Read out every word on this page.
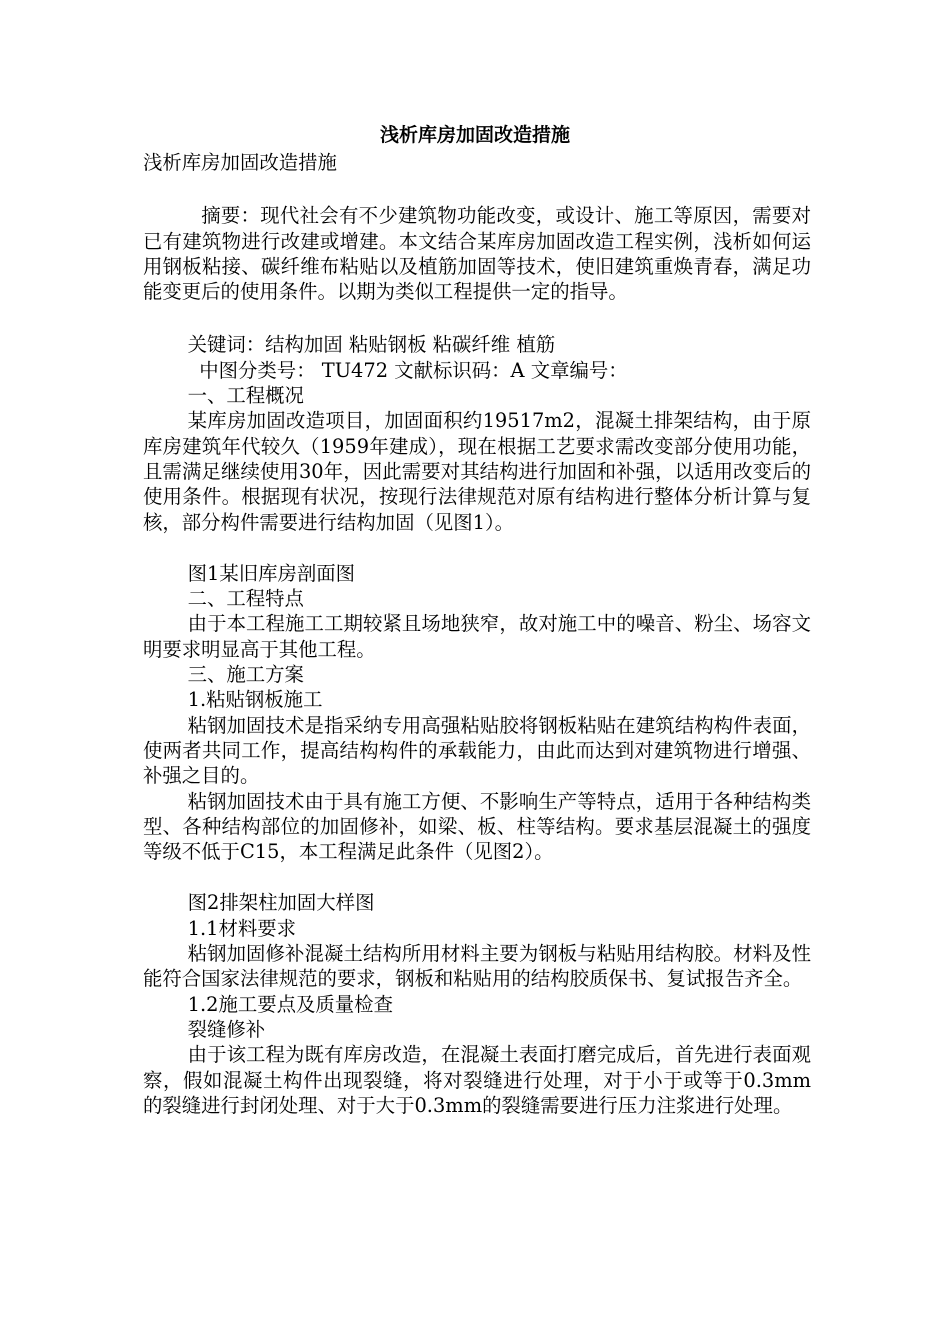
浅析库房加固改造措施

浅析库房加固改造措施

摘要：现代社会有不少建筑物功能改变，或设计、施工等原因，需要对已有建筑物进行改建或增建。本文结合某库房加固改造工程实例，浅析如何运用钢板粘接、碳纤维布粘贴以及植筋加固等技术，使旧建筑重焕青春，满足功能变更后的使用条件。以期为类似工程提供一定的指导。

关键词：结构加固 粘贴钢板 粘碳纤维 植筋

中图分类号： TU472 文献标识码：A 文章编号：

一、工程概况

某库房加固改造项目，加固面积约19517m2，混凝土排架结构，由于原库房建筑年代较久（1959年建成），现在根据工艺要求需改变部分使用功能，且需满足继续使用30年，因此需要对其结构进行加固和补强，以适用改变后的使用条件。根据现有状况，按现行法律规范对原有结构进行整体分析计算与复核，部分构件需要进行结构加固（见图1）。

图1某旧库房剖面图

二、工程特点

由于本工程施工工期较紧且场地狭窄，故对施工中的噪音、粉尘、场容文明要求明显高于其他工程。

三、施工方案

1.粘贴钢板施工

粘钢加固技术是指采纳专用高强粘贴胶将钢板粘贴在建筑结构构件表面，使两者共同工作，提高结构构件的承载能力，由此而达到对建筑物进行增强、补强之目的。

粘钢加固技术由于具有施工方便、不影响生产等特点，适用于各种结构类型、各种结构部位的加固修补，如梁、板、柱等结构。要求基层混凝土的强度等级不低于C15，本工程满足此条件（见图2）。

图2排架柱加固大样图

1.1材料要求

粘钢加固修补混凝土结构所用材料主要为钢板与粘贴用结构胶。材料及性能符合国家法律规范的要求，钢板和粘贴用的结构胶质保书、复试报告齐全。

1.2施工要点及质量检查

裂缝修补

由于该工程为既有库房改造，在混凝土表面打磨完成后，首先进行表面观察，假如混凝土构件出现裂缝，将对裂缝进行处理，对于小于或等于0.3mm的裂缝进行封闭处理、对于大于0.3mm的裂缝需要进行压力注浆进行处理。
